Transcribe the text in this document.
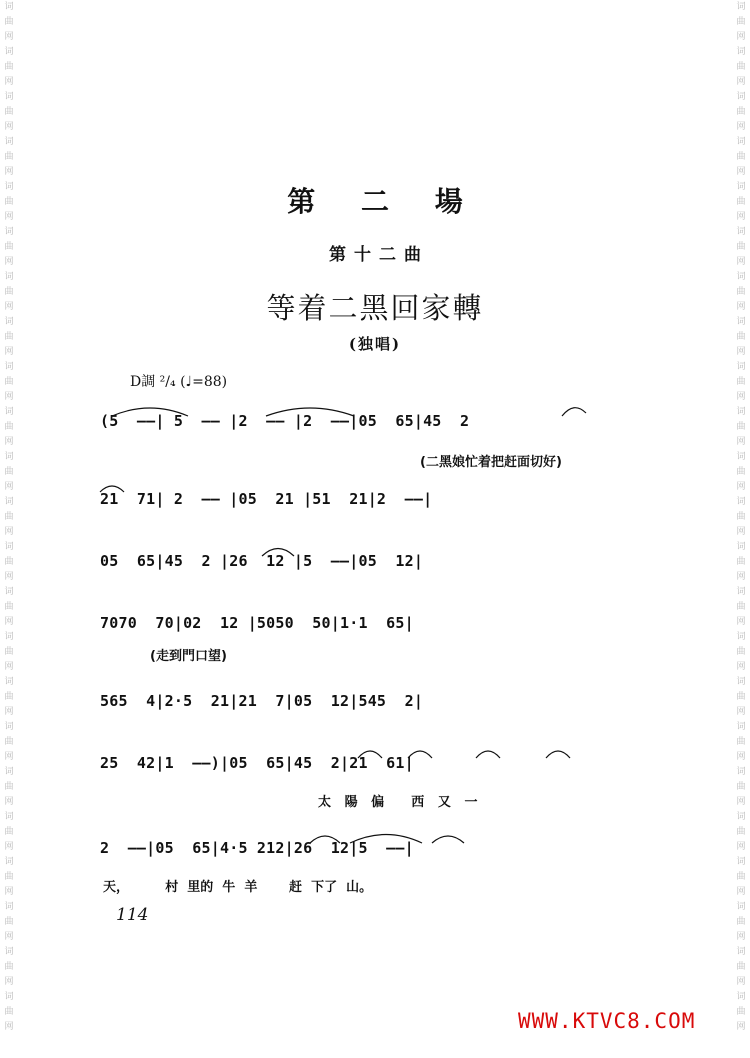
词
曲
网
词
曲
网
词
曲
网
词
曲
网
词
曲
网
词
曲
网
词
曲
网
词
曲
网
词
曲
网
词
曲
网
词
曲
网
词
曲
网
词
曲
网
词
曲
网
词
曲
网
词
曲
网
词
曲
网
词
曲
网
词
曲
网
词
曲
网
词
曲
网
词
曲
网
词
曲
网
词
曲
网
词
曲
网
词
曲
网
词
曲
网
词
曲
网
词
曲
网
词
曲
网
词
曲
网
词
曲
网
词
曲
网
词
曲
网
词
曲
网
词
曲
网
词
曲
网
词
曲
网
词
曲
网
词
曲
网
词
曲
网
词
曲
网
词
曲
网
词
曲
网
词
曲
网
词
曲
网
第 二 場
第十二曲
等着二黑回家轉
(独唱)
D調 ²/₄ (♩=88)
(5  ——| 5  —— |2  —— |2  ——|05  65|45  2
(二黑娘忙着把赶面切好)
21  71| 2  —— |05  21 |51  21|2  ——|
05  65|45  2 |26  12 |5  ——|05  12|
7070  70|02  12 |5050  50|1·1  65|
(走到門口望)
565  4|2·5  21|21  7|05  12|545  2|
25  42|1  ——)|05  65|45  2|21  61|
太   陽   偏      西   又   一
2  ——|05  65|4·5 212|26  12|5  ——|
天，        村  里的  牛  羊       赶  下了  山。
114
WWW.KTVC8.COM
